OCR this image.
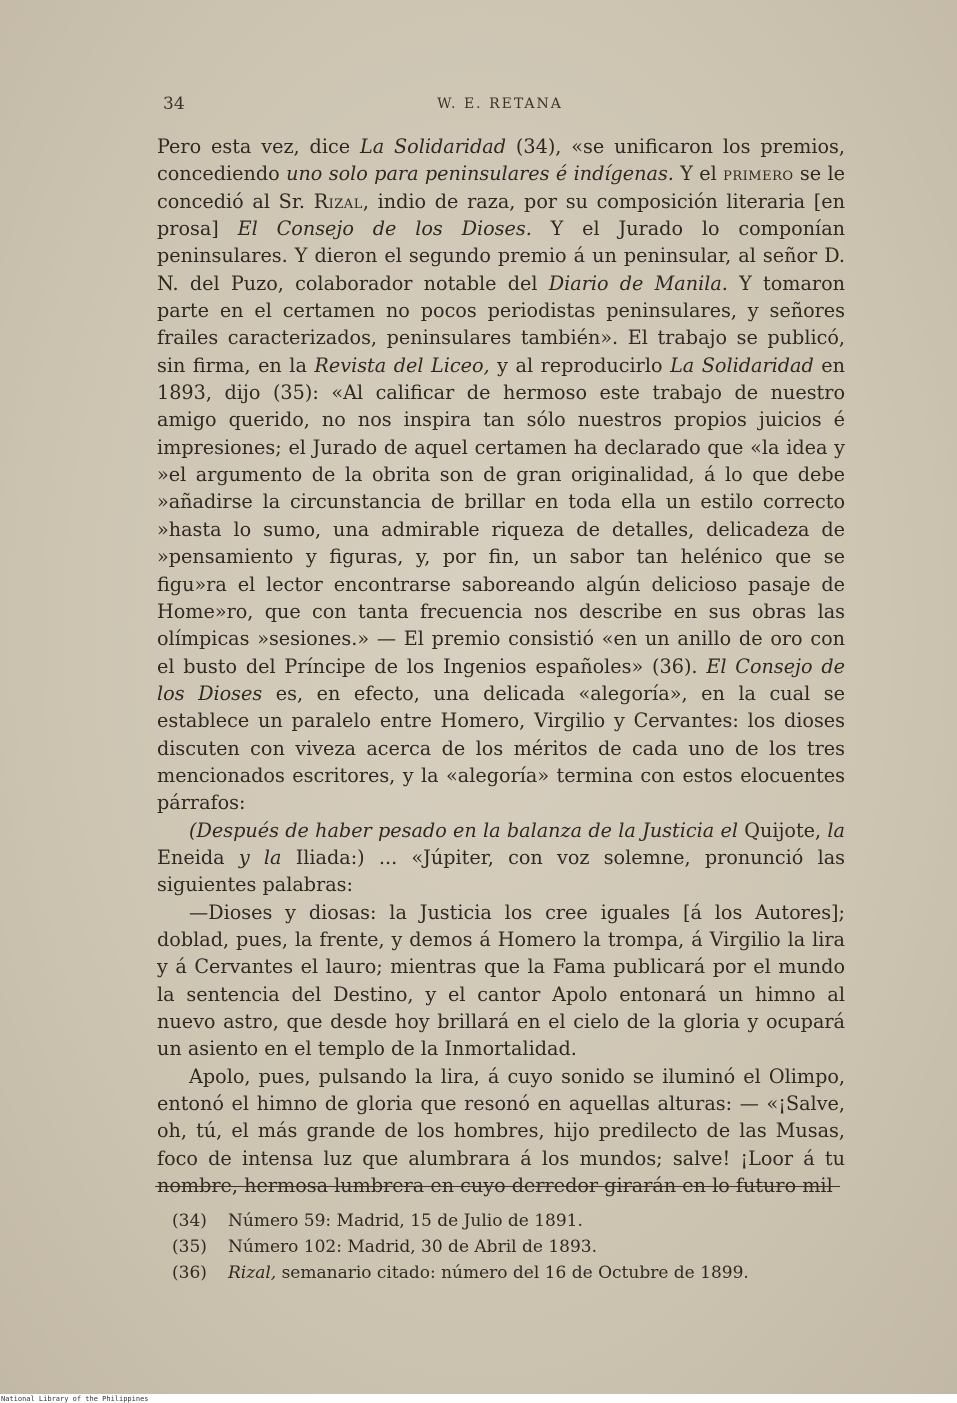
34	W. E. RETANA

Pero esta vez, dice La Solidaridad (34), «se unificaron los premios, concediendo uno solo para peninsulares é indígenas. Y el primero se le concedió al Sr. Rizal, indio de raza, por su composición literaria [en prosa] El Consejo de los Dioses. Y el Jurado lo componían peninsulares. Y dieron el segundo premio á un peninsular, al señor D. N. del Puzo, colaborador notable del Diario de Manila. Y tomaron parte en el certamen no pocos periodistas peninsulares, y señores frailes caracterizados, peninsulares también». El trabajo se publicó, sin firma, en la Revista del Liceo, y al reproducirlo La Solidaridad en 1893, dijo (35): «Al calificar de hermoso este trabajo de nuestro amigo querido, no nos inspira tan sólo nuestros propios juicios é impresiones; el Jurado de aquel certamen ha declarado que «la idea y »el argumento de la obrita son de gran originalidad, á lo que debe »añadirse la circunstancia de brillar en toda ella un estilo correcto »hasta lo sumo, una admirable riqueza de detalles, delicadeza de »pensamiento y figuras, y, por fin, un sabor tan helénico que se figu»ra el lector encontrarse saboreando algún delicioso pasaje de Home»ro, que con tanta frecuencia nos describe en sus obras las olímpicas »sesiones.» — El premio consistió «en un anillo de oro con el busto del Príncipe de los Ingenios españoles» (36). El Consejo de los Dioses es, en efecto, una delicada «alegoría», en la cual se establece un paralelo entre Homero, Virgilio y Cervantes: los dioses discuten con viveza acerca de los méritos de cada uno de los tres mencionados escritores, y la «alegoría» termina con estos elocuentes párrafos:

(Después de haber pesado en la balanza de la Justicia el Quijote, la Eneida y la Iliada:) ... «Júpiter, con voz solemne, pronunció las siguientes palabras:

—Dioses y diosas: la Justicia los cree iguales [á los Autores]; doblad, pues, la frente, y demos á Homero la trompa, á Virgilio la lira y á Cervantes el lauro; mientras que la Fama publicará por el mundo la sentencia del Destino, y el cantor Apolo entonará un himno al nuevo astro, que desde hoy brillará en el cielo de la gloria y ocupará un asiento en el templo de la Inmortalidad.

Apolo, pues, pulsando la lira, á cuyo sonido se iluminó el Olimpo, entonó el himno de gloria que resonó en aquellas alturas: — «¡Salve, oh, tú, el más grande de los hombres, hijo predilecto de las Musas, foco de intensa luz que alumbrara á los mundos; salve! ¡Loor á tu nombre, hermosa lumbrera en cuyo derredor girarán en lo futuro mil

(34) Número 59: Madrid, 15 de Julio de 1891.

(35) Número 102: Madrid, 30 de Abril de 1893.

(36) Rizal, semanario citado: número del 16 de Octubre de 1899.

National Library of the Philippines
